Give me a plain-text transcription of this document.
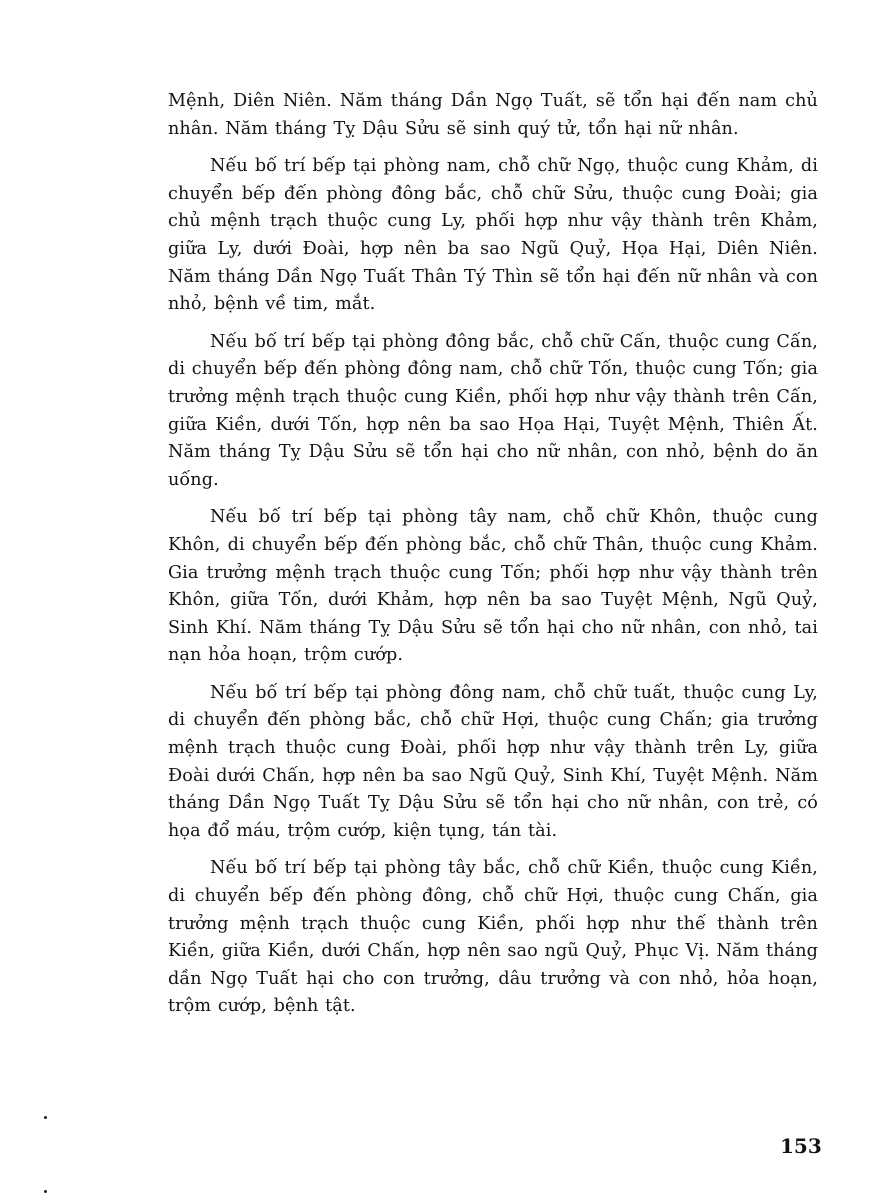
Mệnh, Diên Niên. Năm tháng Dần Ngọ Tuất, sẽ tổn hại đến nam chủ nhân. Năm tháng Tỵ Dậu Sửu sẽ sinh quý tử, tổn hại nữ nhân.

Nếu bố trí bếp tại phòng nam, chỗ chữ Ngọ, thuộc cung Khảm, di chuyển bếp đến phòng đông bắc, chỗ chữ Sửu, thuộc cung Đoài; gia chủ mệnh trạch thuộc cung Ly, phối hợp như vậy thành trên Khảm, giữa Ly, dưới Đoài, hợp nên ba sao Ngũ Quỷ, Họa Hại, Diên Niên. Năm tháng Dần Ngọ Tuất Thân Tý Thìn sẽ tổn hại đến nữ nhân và con nhỏ, bệnh về tim, mắt.

Nếu bố trí bếp tại phòng đông bắc, chỗ chữ Cấn, thuộc cung Cấn, di chuyển bếp đến phòng đông nam, chỗ chữ Tốn, thuộc cung Tốn; gia trưởng mệnh trạch thuộc cung Kiền, phối hợp như vậy thành trên Cấn, giữa Kiền, dưới Tốn, hợp nên ba sao Họa Hại, Tuyệt Mệnh, Thiên Ất. Năm tháng Tỵ Dậu Sửu sẽ tổn hại cho nữ nhân, con nhỏ, bệnh do ăn uống.

Nếu bố trí bếp tại phòng tây nam, chỗ chữ Khôn, thuộc cung Khôn, di chuyển bếp đến phòng bắc, chỗ chữ Thân, thuộc cung Khảm. Gia trưởng mệnh trạch thuộc cung Tốn; phối hợp như vậy thành trên Khôn, giữa Tốn, dưới Khảm, hợp nên ba sao Tuyệt Mệnh, Ngũ Quỷ, Sinh Khí. Năm tháng Tỵ Dậu Sửu sẽ tổn hại cho nữ nhân, con nhỏ, tai nạn hỏa hoạn, trộm cướp.

Nếu bố trí bếp tại phòng đông nam, chỗ chữ tuất, thuộc cung Ly, di chuyển đến phòng bắc, chỗ chữ Hợi, thuộc cung Chấn; gia trưởng mệnh trạch thuộc cung Đoài, phối hợp như vậy thành trên Ly, giữa Đoài dưới Chấn, hợp nên ba sao Ngũ Quỷ, Sinh Khí, Tuyệt Mệnh. Năm tháng Dần Ngọ Tuất Tỵ Dậu Sửu sẽ tổn hại cho nữ nhân, con trẻ, có họa đổ máu, trộm cướp, kiện tụng, tán tài.

Nếu bố trí bếp tại phòng tây bắc, chỗ chữ Kiền, thuộc cung Kiền, di chuyển bếp đến phòng đông, chỗ chữ Hợi, thuộc cung Chấn, gia trưởng mệnh trạch thuộc cung Kiền, phối hợp như thế thành trên Kiền, giữa Kiền, dưới Chấn, hợp nên sao ngũ Quỷ, Phục Vị. Năm tháng dần Ngọ Tuất hại cho con trưởng, dâu trưởng và con nhỏ, hỏa hoạn, trộm cướp, bệnh tật.

153
